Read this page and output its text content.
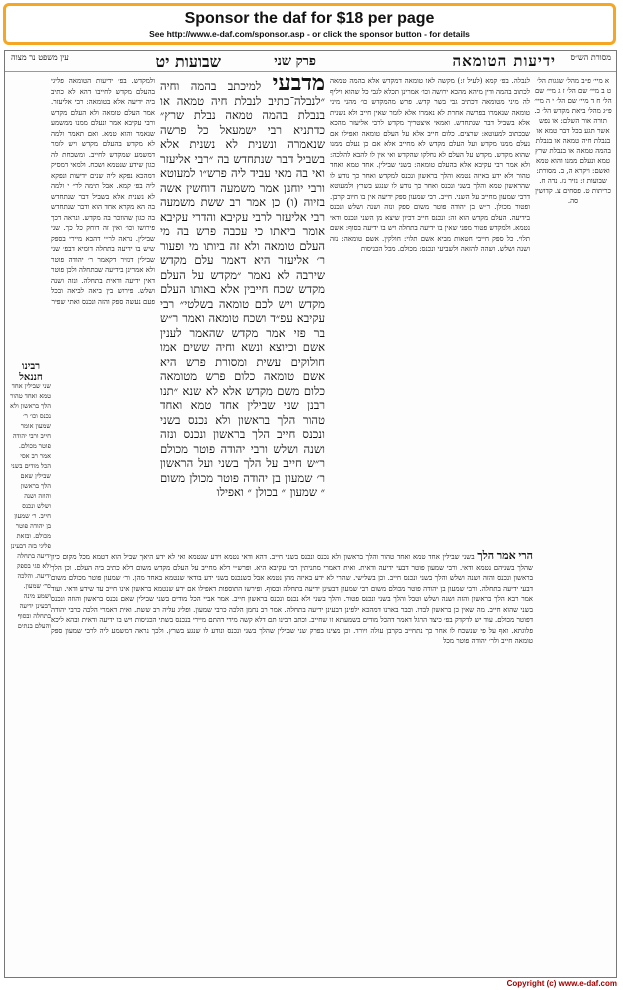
Sponsor the daf for $18 per page
See http://www.e-daf.com/sponsor.asp - or click the sponsor button - for details
מסורת הש״ס
ידיעות הטומאה
פרק שני
שבועות יט
עין משפט נר מצוה
א מיי׳ פ״ב מהל׳ שגגות הל׳ ט ב מיי׳ שם הל׳ ז ג מיי׳ שם הל׳ ח ד מיי׳ שם הל׳ י ה מיי׳ פ״ג מהל׳ ביאת מקדש הל׳ כ. תורה אור השלם: או נפש אשר תגע בכל דבר טמא או בנבלת חיה טמאה או בנבלת בהמה טמאה או בנבלת שרץ טמא ונעלם ממנו והוא טמא ואשם: ויקרא ה, ב. מסורת: שבועות ז: נזיר נז. נדה ח. כריתות ט. פסחים צ. קדושין סה.
לנבלה. בפ׳ קמא (לעיל ז:) מקשה לאו טומאה דמקדש אלא בהמה טמאה לכתוב בהמה ודין מיהא מהכא ירושה וכו׳ אמרינן תכלא לגבי כל שהוא ויליף לה מיני מטומאה דכתיב גבי בשר קדש. פרש מהמקדש כו׳ מהני מיני טומאה שנאמרו בפרשה אחרת לא נאמרו אלא לומר שאין חייב ולא נשנית אלא בשביל דבר שנתחדש. ואמאי איצטריך מקדש לרבי אליעזר מהכא שבכתוב למעוטא: שרצים. כלום חייב אלא על העלם טומאה ואפילו אם נעלם ממנו מקדש ועל העלם מקדש לא מחייב אלא אם כן נעלם ממנו שהוא מקדש. מקדש על העלם לא נחלקו שהקדש ואי אין לו להבא להלכה: ולא אמר רבי עקיבא אלא בהעלם טומאה: בשני שבילין. אחד טמא ואחד טהור ולא ידע באיזה נטמא והלך בראשון ונכנס למקדש ואחר כך נודע לו שהראשון טמא והלך בשני ונכנס ואחר כך נודע לו שנגע בשרץ ולמעוטא דרבי שמעון מחייב על השני. חייב. רבי שמעון ספק ידיעה אין בו חיוב קרבן. ופטור מכולן. ר״ש בן יהודה פוטר משום ספק ונזה ושנה ושלש ונכנס בידיעה. העלם מקדש הוא זה: ונכנס חייב דכיון שיצא מן השני ונכנס ודאי נטמא. ולמקדש פטור מפני שאין בו ידיעה בתחלה ויש בו ידיעה בסוף: אשם תלוי. כל ספק חייבי חטאות מביא אשם תלוי: חולקין. אשם טומאה: נזה ושנה ושלש. ושהה להזאה ולשביעי ונכנס: מכולם. מכל הכניסות
מדבעי למיכתב בהמה וחיה ״לנבלה־כתיב לנבלת חיה טמאה או בנבלת בהמה טמאה נבלת שרץ״ כדתניא רבי ישמעאל כל פרשה שנאמרה ונשנית לא נשנית אלא בשביל דבר שנתחדש בה ״רבי אליעזר ואי בה מאי עביד ליה פרש״ו למעוטא ורבי יוחנן אמר משמעה דוחשין אשה בזיוה (ו) כן אמר רב ששת משמעה רבי אליעזר לרבי עקיבא והדרי עקיבא אומר ביאתו כי עכבה פרש בה מי העלם טומאה ולא זה ביותו מי ופעור ר׳ אליעזר היא דאמר עלם מקדש שירבה לא נאמר ״מקדש על העלם מקדש שכח חייבין אלא באותו העלם מקדש ויש לכם טומאה בשלטי״ רבי עקיבא עפ״ד ושכח טומאה ואמר ר״ש בר פזי אמר מקדש שהאמר לענין אשם וכיוצא ונשא וחיה ששים אמו חולוקים עשית ומסורת פרש היא אשם טומאה כלום פרש מטומאה כלום משם מקדש אלא לא שנא ״תנו רבנן שני שבילין אחד טמא ואחד טהור הלך בראשון ולא נכנס בשני ונכנס חייב הלך בראשון ונכנס ונזה ושנה ושלש ורבי יהודה פוטר מכולם ר״ש חייב על הלך בשני ועל הראשון ר׳ שמעון בן יהודה פוטר מכולן משום ״ שמעון ״ בכולן ״ ואפילו
ולמקדש. בפ׳ ידיעות הטומאה פליגי בהעלם מקדש לחייבו דהא לא כתיב ביה ידיעה אלא בטומאה: רבי אליעזר. אמר העלם טומאה ולא העלם מקדש ורבי עקיבא אמר ונעלם ממנו ממשמע שנאמר והוא טמא. ואם תאמר ולמה לא מקדש בהעלם מקדש ויש לומר דמשמע שמקדש לחייב. ומשכחת לה כגון שידע שנטמא ושכח. ולמאי דמסיק דמהכא נפקא ליה שנים ידיעות ונפקא ליה בפ׳ קמא. אבל תימה לר״ י ולמה לא נשנית אלא בשביל דבר שנתחדש בה הא מקרא אחד הוא ודבר שנתחדש בה כגון שהוזכר בה מקדש. ונראה דכך פירושו וכו׳ ואין זה דוחק כל כך. שני שבילין. נראה לר״י דהכא מיירי בספק שיש בו ידיעה בתחלה דומיא דבפ׳ שני שבילין דנזיר דקאמר ר׳ יהודה פוטר ולא אמרינן בידיעה שבתחלה ולכן פוטר דאין ידיעה ודאית בתחלה. ונזה ושנה ושלש. פירוש בין ביאה לביאה ובכל פעם נעשה ספק והזה ונכנס ואתי שפיר
רבינו חננאל
שני שבילין אחד טמא ואחד טהור הלך בראשון ולא נכנס וכו׳ ר׳ שמעון אומר חייב ורבי יהודה פוטר מכולם. אמר רב אסי הכל מודים בשני שבילין שאם הלך בראשון והוזה ושנה ושלש ונכנס חייב. ר׳ שמעון בן יהודה פוטר מכולם. ובזאת פליגי בזה דבעינן ידיעה בתחלה ולא סגי בספק ידיעה. והלכה כר׳ שמעון. ושמע מינה דבעינן ידיעה בתחלה ובסוף והעלם בנתים
הרי אמר הלך בשני שבילין אחד טמא ואחד טהור והלך בראשון ולא נכנס ונכנס בשני חייב. דהא ודאי נטמא וידע שנטמא ואי לא ידע היאך שביל הוא דטמא מכל מקום כיון שהלך בשניהם נטמא ודאי. ורבי שמעון פוטר דבעי ידיעה ודאית. ואית דאמרי מתניתין רבי עקיבא היא. ופרש״י דלא מחייב על העלם מקדש משום דלא כתיב ביה העלם. וכן הלך בראשון ונכנס והזה ושנה ושלש והלך בשני ונכנס חייב. וכן בשלישי. שהרי לא ידע באיזה מהן נטמא אבל כשנכנס בשני ידע בודאי שנטמא באחד מהן. ור׳ שמעון פוטר מכולם משום דבעי ידיעה בתחלה. ורבי שמעון בן יהודה פוטר מכולם משום רבי שמעון דבעינן ידיעה בתחלה ובסוף. ופירשו התוספות דאפילו אם ידע שנטמא בראשון אינו חייב עד שידע ודאי. ועוד אמר רבא הלך בראשון והזה ושנה ושלש וטבל והלך בשני ונכנס פטור. והלך בשני ולא נכנס ונכנס בראשון חייב. אמר אביי הכל מודים בשני שבילין שאם נכנס בראשון והוזה ונכנס בשני שהוא חייב. מה שאין כן בראשון לבדו. וכבר בארנו דמהכא ילפינן דבעינן ידיעה בתחלה. אמר רב נחמן הלכה כרבי שמעון. ופליג עליה רב ששת. ואית דאמרי הלכה כרבי יהודה דפוטר מכולם. עוד יש לדקדק בפ׳ כיצד הרגל דאמר דהכל מודים בשמעתא זו שחייב. וכתב רבינו תם דלא קשה מידי דהתם מיירי בנכנס בשתי הכניסות ויש בו ידיעה ודאית ובהא ליכא פלוגתא. ואף על פי שנשכח לו אחר כך נתחייב בקרבן עולה ויורד. וכן מצינו בפרק שני שבילין שהלך בשני ונכנס ונודע לו שנגע בשרץ. ולכך נראה דמשמע ליה לרבי שמעון ספק טומאה חייב ולר׳ יהודה פוטר מכל
Copyright (c) www.e-daf.com
